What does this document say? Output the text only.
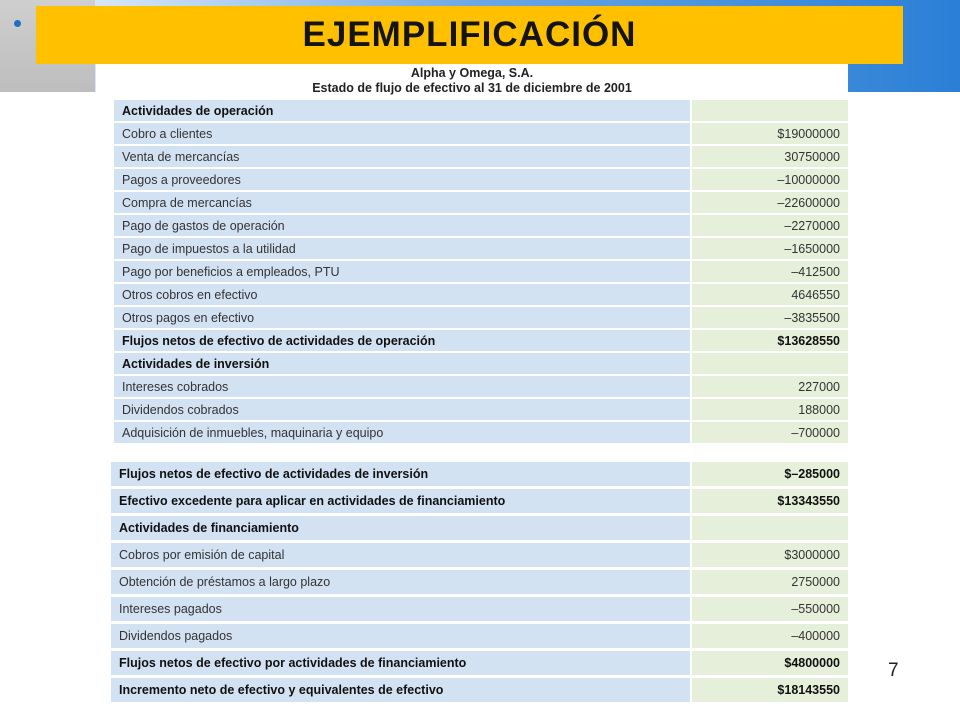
EJEMPLIFICACIÓN
Alpha y Omega, S.A.
Estado de flujo de efectivo al 31 de diciembre de 2001
Actividades de operación	
Cobro a clientes	$19000000
Venta de mercancías	30750000
Pagos a proveedores	–10000000
Compra de mercancías	–22600000
Pago de gastos de operación	–2270000
Pago de impuestos a la utilidad	–1650000
Pago por beneficios a empleados, PTU	–412500
Otros cobros en efectivo	4646550
Otros pagos en efectivo	–3835500
Flujos netos de efectivo de actividades de operación	$13628550
Actividades de inversión	
Intereses cobrados	227000
Dividendos cobrados	188000
Adquisición de inmuebles, maquinaria y equipo	–700000
Flujos netos de efectivo de actividades de inversión	$–285000
Efectivo excedente para aplicar en actividades de financiamiento	$13343550
Actividades de financiamiento	
Cobros por emisión de capital	$3000000
Obtención de préstamos a largo plazo	2750000
Intereses pagados	–550000
Dividendos pagados	–400000
Flujos netos de efectivo por actividades de financiamiento	$4800000
Incremento neto de efectivo y equivalentes de efectivo	$18143550
7
